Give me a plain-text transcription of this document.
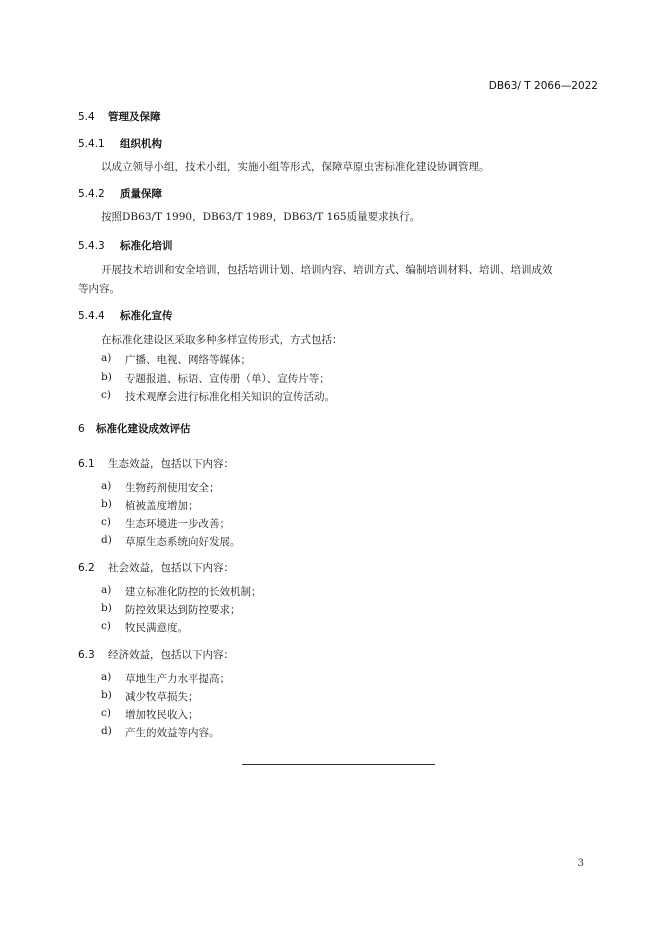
DB63/ T 2066—2022
5.4 管理及保障
5.4.1 组织机构
以成立领导小组，技术小组，实施小组等形式，保障草原虫害标准化建设协调管理。
5.4.2 质量保障
按照DB63/T 1990，DB63/T 1989，DB63/T 165质量要求执行。
5.4.3 标准化培训
开展技术培训和安全培训，包括培训计划、培训内容、培训方式、编制培训材料、培训、培训成效
等内容。
5.4.4 标准化宣传
在标准化建设区采取多种多样宣传形式，方式包括：
a) 广播、电视、网络等媒体；
b) 专题报道、标语、宣传册（单）、宣传片等；
c) 技术观摩会进行标准化相关知识的宣传活动。
6 标准化建设成效评估
6.1 生态效益，包括以下内容：
a) 生物药剂使用安全；
b) 植被盖度增加；
c) 生态环境进一步改善；
d) 草原生态系统向好发展。
6.2 社会效益，包括以下内容：
a) 建立标准化防控的长效机制；
b) 防控效果达到防控要求；
c) 牧民满意度。
6.3 经济效益，包括以下内容：
a) 草地生产力水平提高；
b) 减少牧草损失；
c) 增加牧民收入；
d) 产生的效益等内容。
3
